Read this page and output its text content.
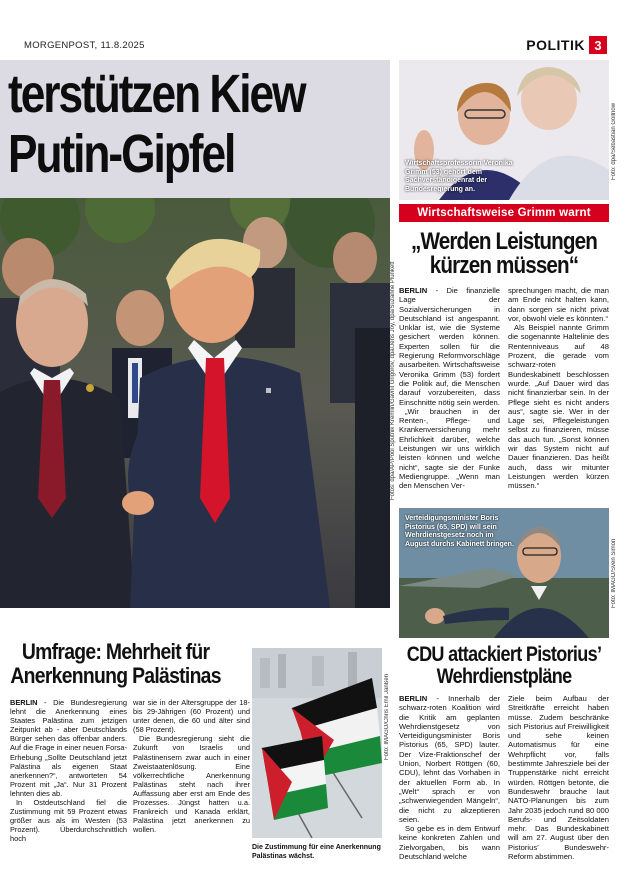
MORGENPOST, 11.8.2025	POLITIK 3
terstützen Kiew
Putin-Gipfel
Fotos: dpa/AP/Pool Sputnik Kremlin/Gavriil Grigorov, dpa/Jens Joy, dpa/Suzanne Plunkett
Wirtschaftsprofessorin Veronika Grimm (53) gehört dem Sachverständigenrat der Bundesregierung an.
Foto: dpa/Sebastian Gollnow
Wirtschaftsweise Grimm warnt
„Werden Leistungen
kürzen müssen“

BERLIN - Die finanzielle Lage der Sozialversicherungen in Deutschland ist angespannt. Unklar ist, wie die Systeme gesichert werden können. Experten sollen für die Regierung Reformvorschläge ausarbeiten. Wirtschaftsweise Veronika Grimm (53) fordert die Politik auf, die Menschen darauf vorzubereiten, dass Einschnitte nötig sein werden.

„Wir brauchen in der Renten-, Pflege- und Krankenversicherung mehr Ehrlichkeit darüber, welche Leistungen wir uns wirklich leisten können und welche nicht“, sagte sie der Funke Mediengruppe. „Wenn man den Menschen Ver-

sprechungen macht, die man am Ende nicht halten kann, dann sorgen sie nicht privat vor, obwohl viele es könnten.“

Als Beispiel nannte Grimm die sogenannte Haltelinie des Rentenniveaus auf 48 Prozent, die gerade vom schwarz-roten Bundeskabinett beschlossen wurde. „Auf Dauer wird das nicht finanzierbar sein. In der Pflege sieht es nicht anders aus“, sagte sie. Wer in der Lage sei, Pflegeleistungen selbst zu finanzieren, müsse das auch tun. „Sonst können wir das System nicht auf Dauer finanzieren. Das heißt auch, dass wir mitunter Leistungen werden kürzen müssen.“

Verteidigungsminister Boris Pistorius (65, SPD) will sein Wehrdienstgesetz noch im August durchs Kabinett bringen.	Foto: IMAGO/Sven Simon
CDU attackiert Pistorius’
Wehrdienstpläne

BERLIN - Innerhalb der schwarz-roten Koalition wird die Kritik am geplanten Wehrdienstgesetz von Verteidigungsminister Boris Pistorius (65, SPD) lauter. Der Vize-Fraktionschef der Union, Norbert Röttgen (60, CDU), lehnt das Vorhaben in der aktuellen Form ab. In „Welt“ sprach er von „schwerwiegenden Mängeln“, die nicht zu akzeptieren seien.

So gebe es in dem Entwurf keine konkreten Zahlen und Zielvorgaben, bis wann Deutschland welche

Ziele beim Aufbau der Streitkräfte erreicht haben müsse. Zudem beschränke sich Pistorius auf Freiwilligkeit und sehe keinen Automatismus für eine Wehrpflicht vor, falls bestimmte Jahresziele bei der Truppenstärke nicht erreicht würden. Röttgen betonte, die Bundeswehr brauche laut NATO-Planungen bis zum Jahr 2035 jedoch rund 80 000 Berufs- und Zeitsoldaten mehr. Das Bundeskabinett will am 27. August über den Pistorius’ Bundeswehr-Reform abstimmen.

Umfrage: Mehrheit für
Anerkennung Palästinas

BERLIN - Die Bundesregierung lehnt die Anerkennung eines Staates Palästina zum jetzigen Zeitpunkt ab - aber Deutschlands Bürger sehen das offenbar anders. Auf die Frage in einer neuen Forsa-Erhebung „Sollte Deutschland jetzt Palästina als eigenen Staat anerkennen?“, antworteten 54 Prozent mit „Ja“. Nur 31 Prozent lehnten dies ab.

In Ostdeutschland fiel die Zustimmung mit 59 Prozent etwas größer aus als im Westen (53 Prozent). Überdurchschnittlich hoch

war sie in der Altersgruppe der 18- bis 29-Jährigen (60 Prozent) und unter denen, die 60 und älter sind (58 Prozent).

Die Bundesregierung sieht die Zukunft von Israelis und Palästinensern zwar auch in einer Zweistaatenlösung. Eine völkerrechtliche Anerkennung Palästinas steht nach ihrer Auffassung aber erst am Ende des Prozesses. Jüngst hatten u.a. Frankreich und Kanada erklärt, Palästina jetzt anerkennen zu wollen.

Die Zustimmung für eine Anerkennung Palästinas wächst.
Foto: IMAGO/Chris Emil Janßen
